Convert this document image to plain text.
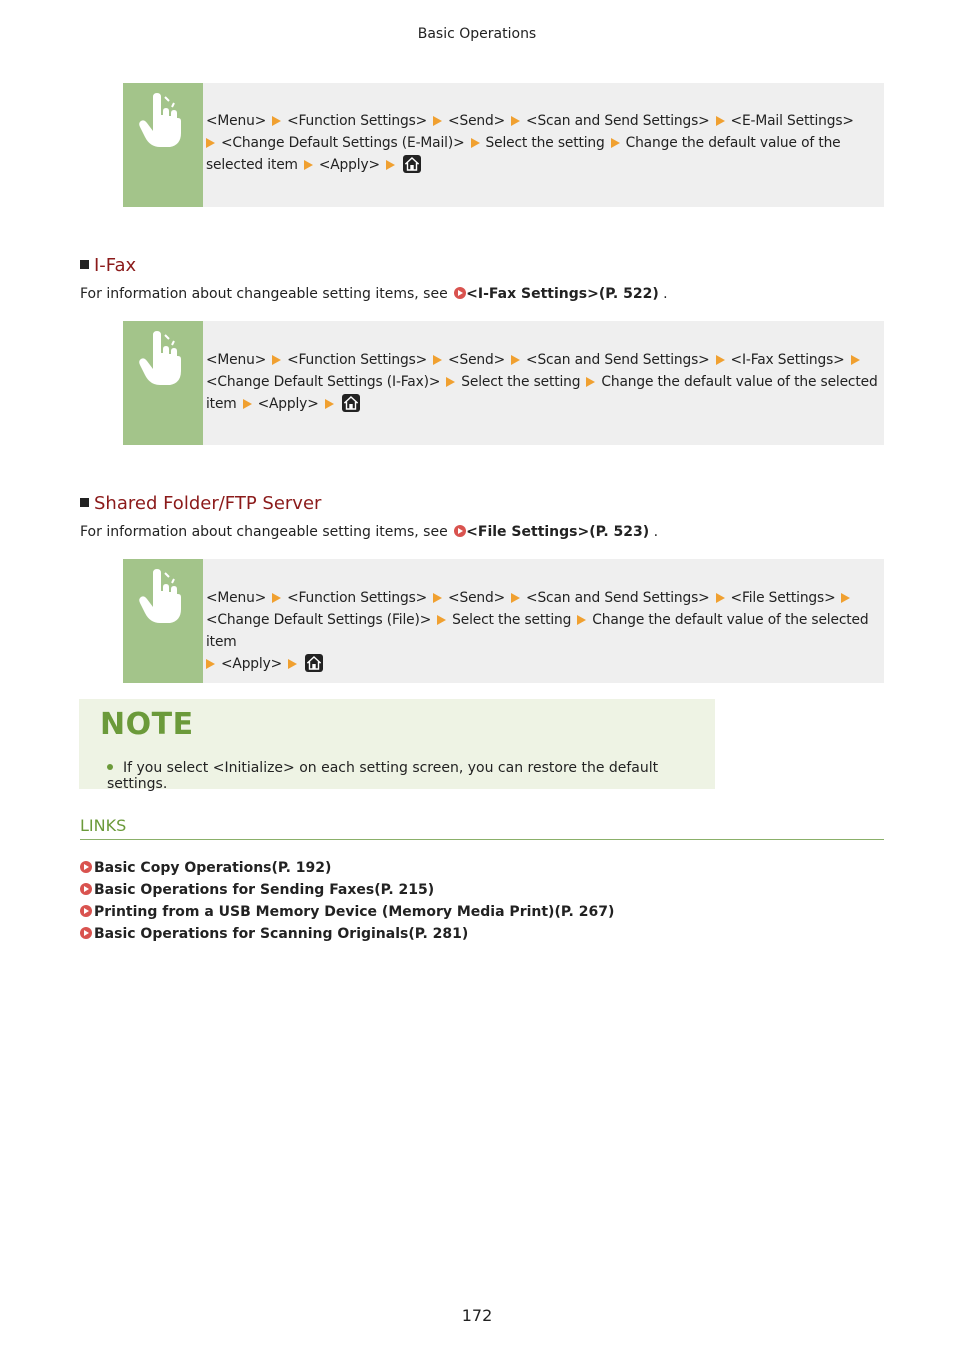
Basic Operations
<Menu> <Function Settings> <Send> <Scan and Send Settings> <E-Mail Settings>
<Change Default Settings (E-Mail)> Select the setting Change the default value of the selected item <Apply>
I-Fax
For information about changeable setting items, see <I-Fax Settings>(P. 522) .
<Menu> <Function Settings> <Send> <Scan and Send Settings> <I-Fax Settings>
<Change Default Settings (I-Fax)> Select the setting Change the default value of the selected item <Apply>
Shared Folder/FTP Server
For information about changeable setting items, see <File Settings>(P. 523) .
<Menu> <Function Settings> <Send> <Scan and Send Settings> <File Settings><Change Default Settings (File)> Select the setting Change the default value of the selected item
<Apply>
NOTE
If you select <Initialize> on each setting screen, you can restore the default settings.
LINKS
Basic Copy Operations(P. 192)
Basic Operations for Sending Faxes(P. 215)
Printing from a USB Memory Device (Memory Media Print)(P. 267)
Basic Operations for Scanning Originals(P. 281)
172
